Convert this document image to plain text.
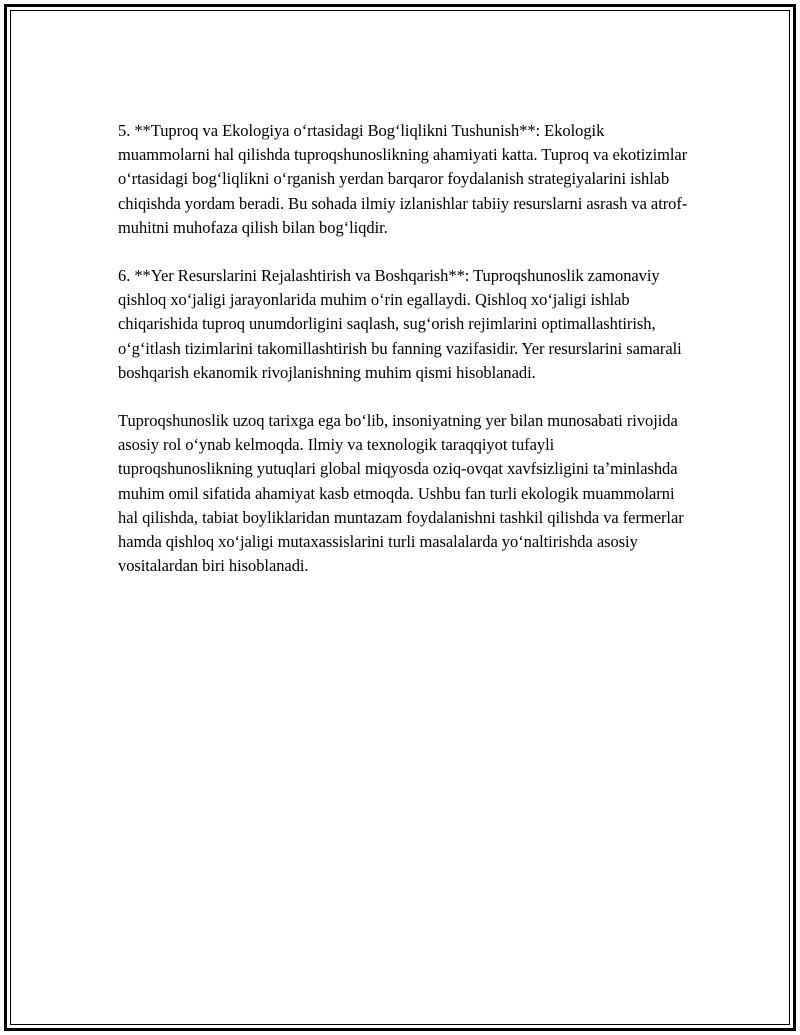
5. **Tuproq va Ekologiya oʻrtasidagi Bogʻliqlikni Tushunish**: Ekologik muammolarni hal qilishda tuproqshunoslikning ahamiyati katta. Tuproq va ekotizimlar oʻrtasidagi bogʻliqlikni oʻrganish yerdan barqaror foydalanish strategiyalarini ishlab chiqishda yordam beradi. Bu sohada ilmiy izlanishlar tabiiy resurslarni asrash va atrof-muhitni muhofaza qilish bilan bogʻliqdir.

6. **Yer Resurslarini Rejalashtirish va Boshqarish**: Tuproqshunoslik zamonaviy qishloq xoʻjaligi jarayonlarida muhim oʻrin egallaydi. Qishloq xoʻjaligi ishlab chiqarishida tuproq unumdorligini saqlash, sugʻorish rejimlarini optimallashtirish, oʻgʻitlash tizimlarini takomillashtirish bu fanning vazifasidir. Yer resurslarini samarali boshqarish ekanomik rivojlanishning muhim qismi hisoblanadi.

Tuproqshunoslik uzoq tarixga ega boʻlib, insoniyatning yer bilan munosabati rivojida asosiy rol oʻynab kelmoqda. Ilmiy va texnologik taraqqiyot tufayli tuproqshunoslikning yutuqlari global miqyosda oziq-ovqat xavfsizligini taʼminlashda muhim omil sifatida ahamiyat kasb etmoqda. Ushbu fan turli ekologik muammolarni hal qilishda, tabiat boyliklaridan muntazam foydalanishni tashkil qilishda va fermerlar hamda qishloq xoʻjaligi mutaxassislarini turli masalalarda yoʻnaltirishda asosiy vositalardan biri hisoblanadi.
